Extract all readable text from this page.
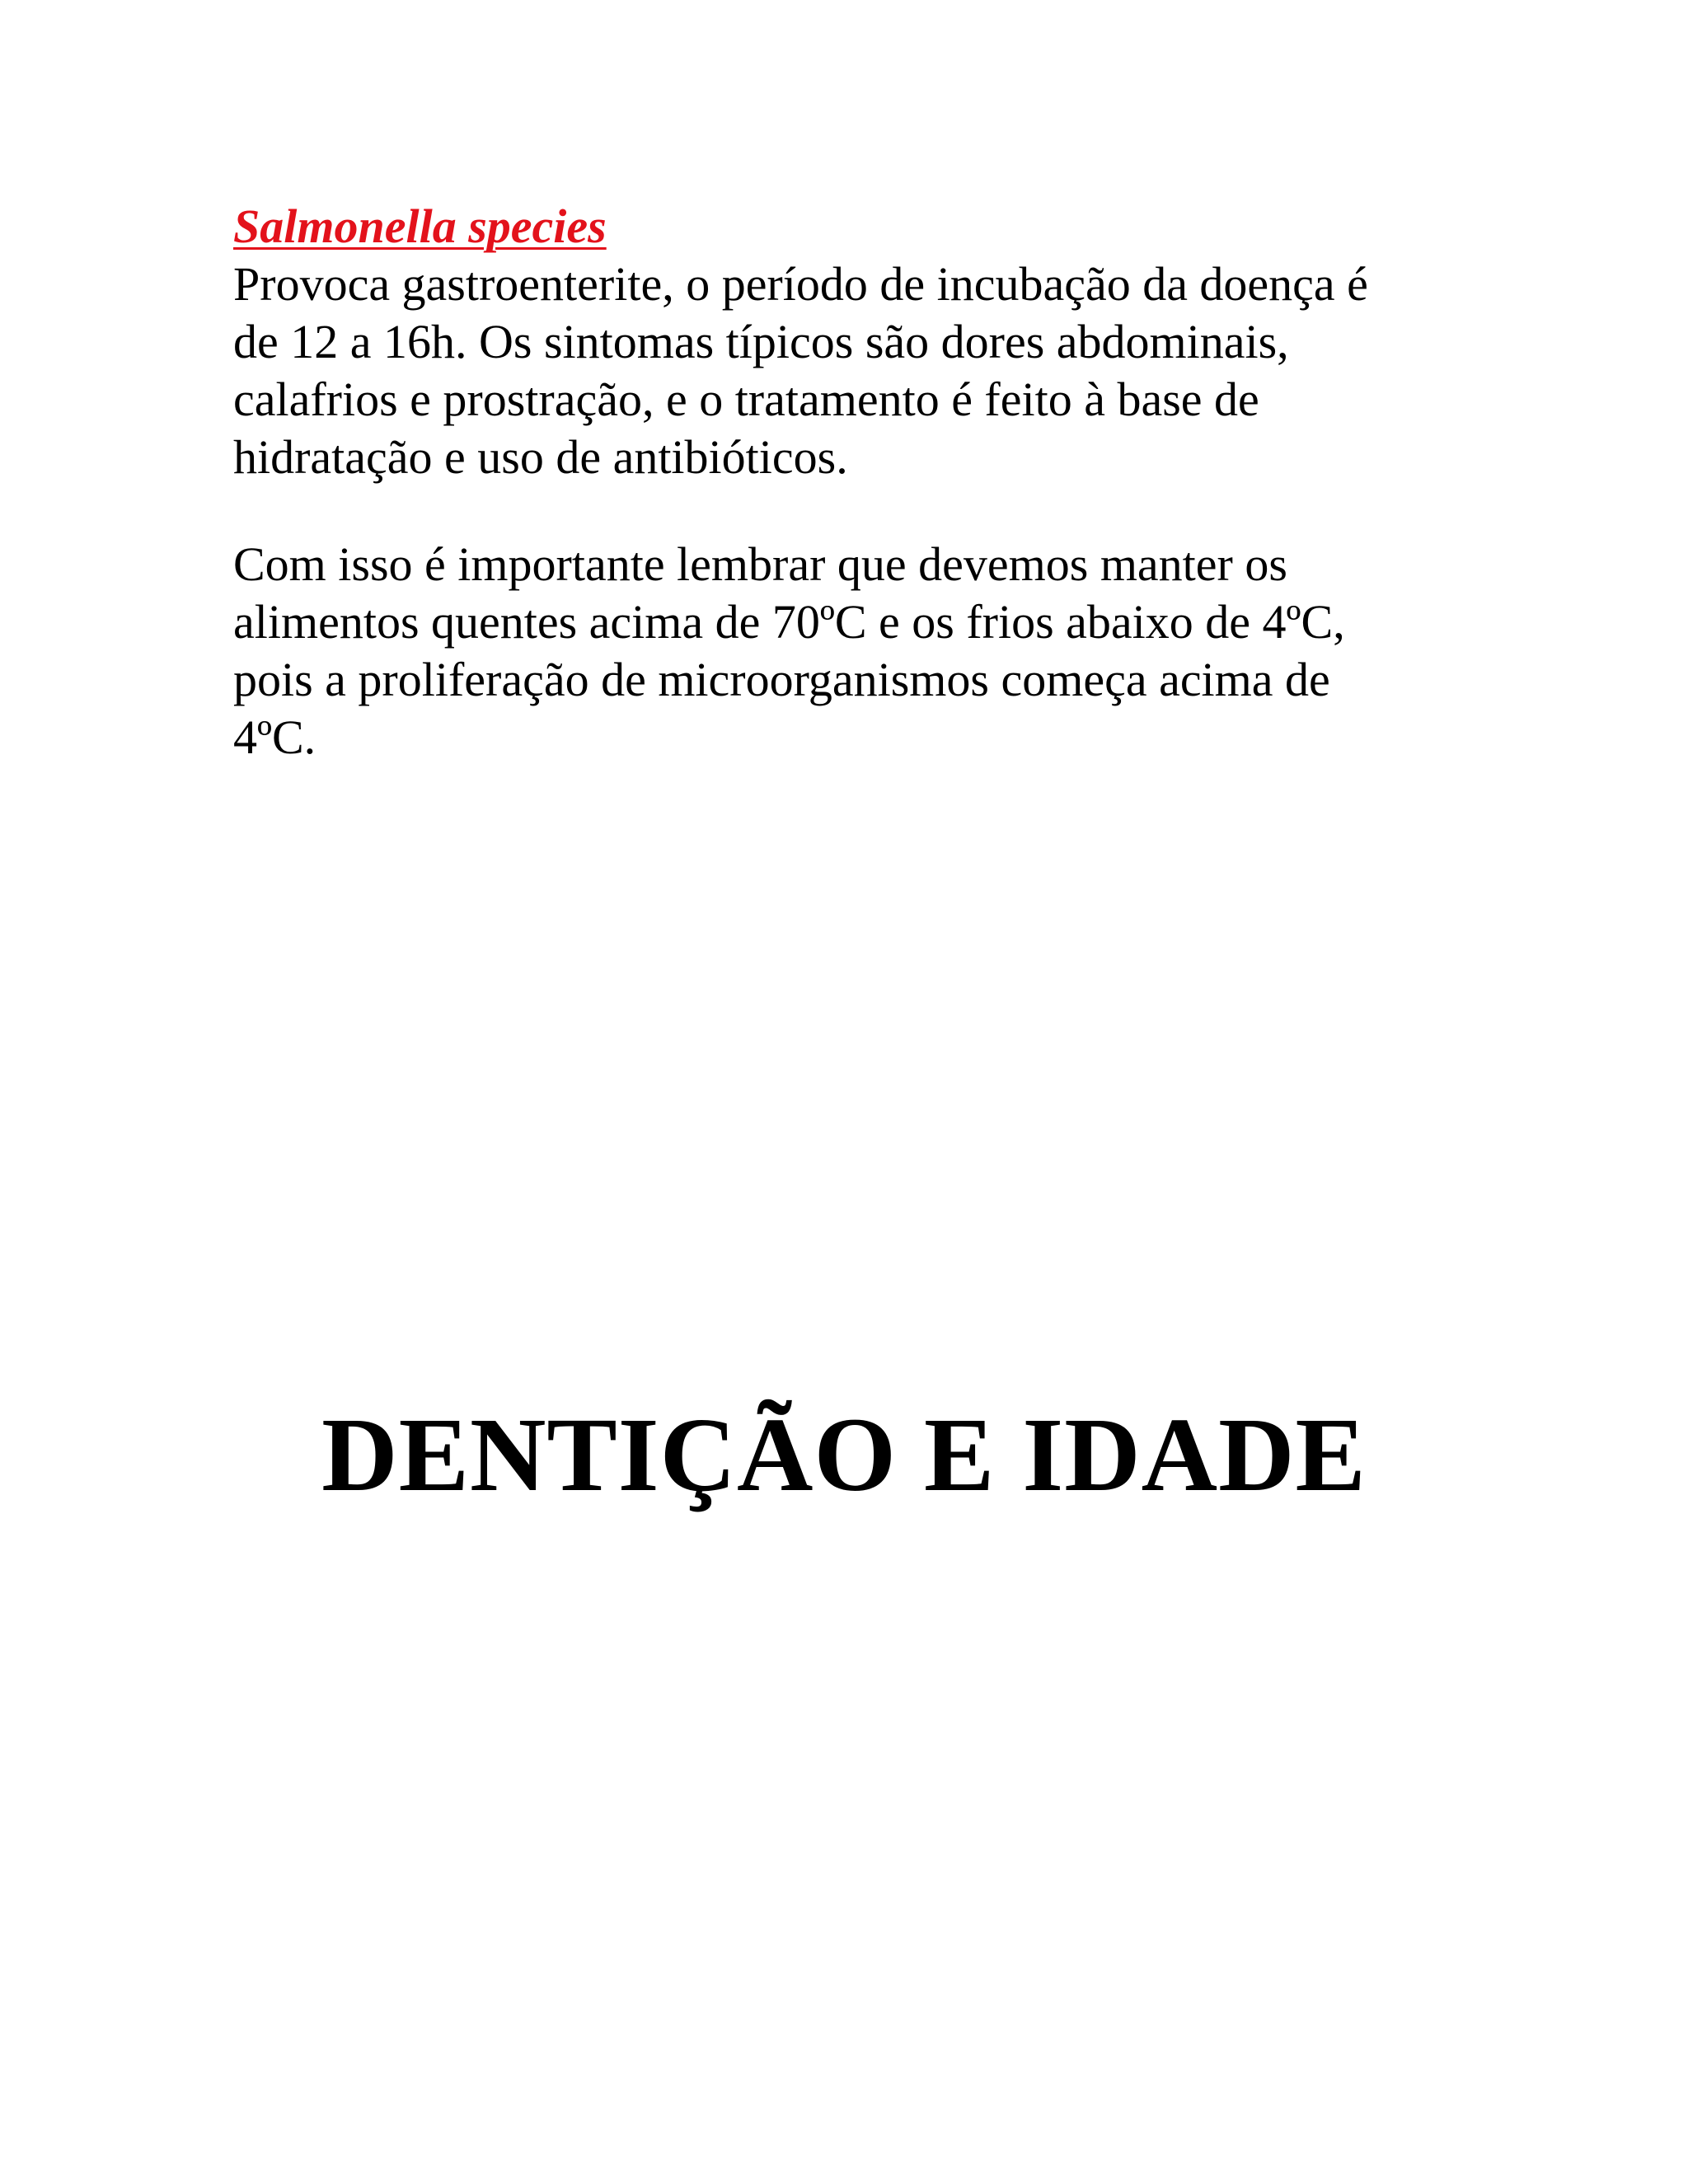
Salmonella species

Provoca gastroenterite, o período de incubação da doença é
de 12 a 16h. Os sintomas típicos são dores abdominais,
calafrios e prostração, e o tratamento é feito à base de
hidratação e uso de antibióticos.

Com isso é importante lembrar que devemos manter os
alimentos quentes acima de 70ºC e os frios abaixo de 4ºC,
pois a proliferação de microorganismos começa acima de
4ºC.

DENTIÇÃO E IDADE
